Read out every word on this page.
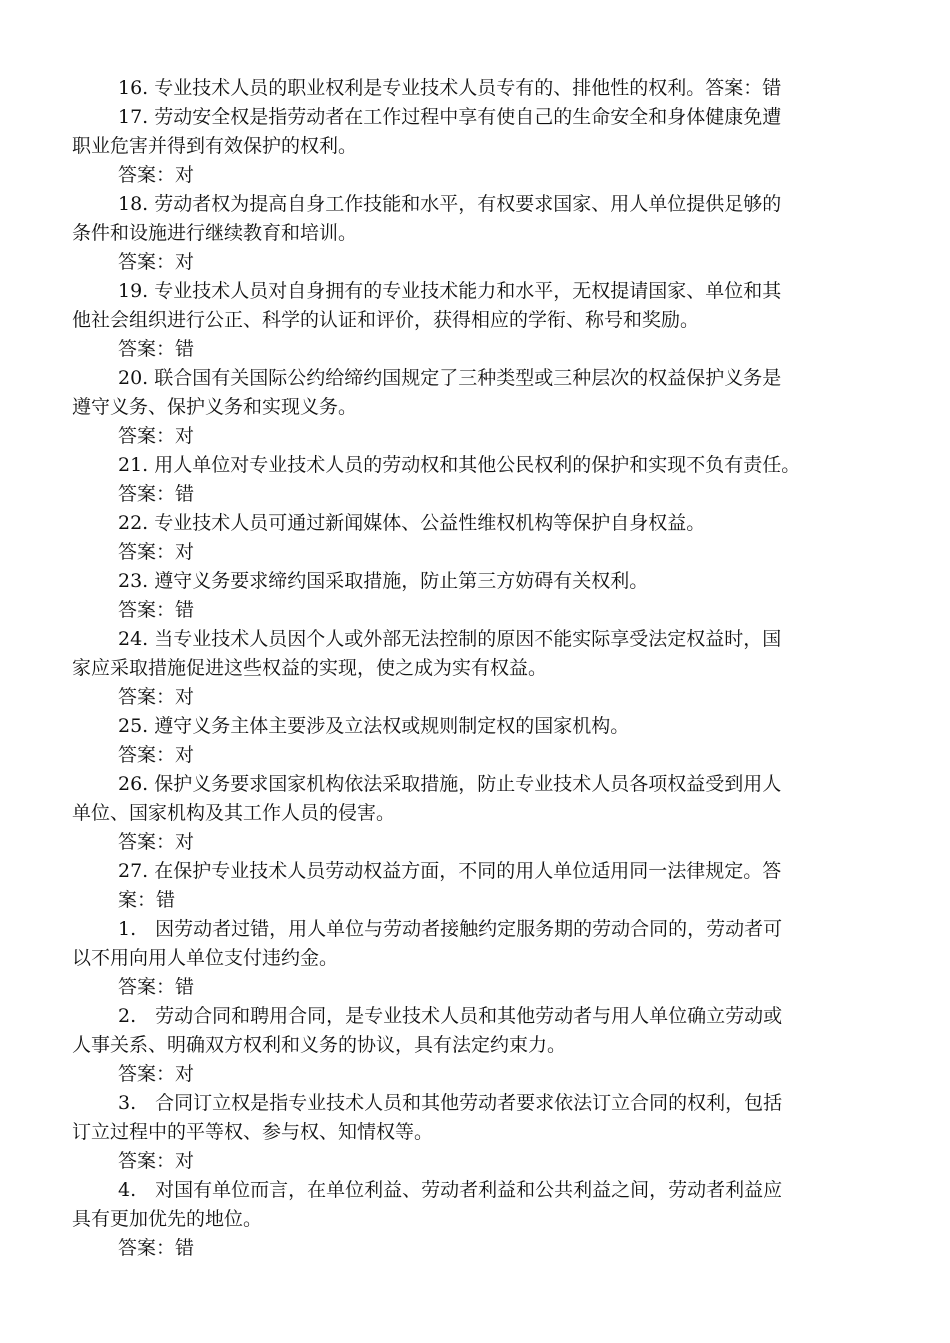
16. 专业技术人员的职业权利是专业技术人员专有的、排他性的权利。答案：错
17. 劳动安全权是指劳动者在工作过程中享有使自己的生命安全和身体健康免遭
职业危害并得到有效保护的权利。
答案：对
18. 劳动者权为提高自身工作技能和水平，有权要求国家、用人单位提供足够的
条件和设施进行继续教育和培训。
答案：对
19. 专业技术人员对自身拥有的专业技术能力和水平，无权提请国家、单位和其
他社会组织进行公正、科学的认证和评价，获得相应的学衔、称号和奖励。
答案：错
20. 联合国有关国际公约给缔约国规定了三种类型或三种层次的权益保护义务是
遵守义务、保护义务和实现义务。
答案：对
21. 用人单位对专业技术人员的劳动权和其他公民权利的保护和实现不负有责任。
答案：错
22. 专业技术人员可通过新闻媒体、公益性维权机构等保护自身权益。
答案：对
23. 遵守义务要求缔约国采取措施，防止第三方妨碍有关权利。
答案：错
24. 当专业技术人员因个人或外部无法控制的原因不能实际享受法定权益时，国
家应采取措施促进这些权益的实现，使之成为实有权益。
答案：对
25. 遵守义务主体主要涉及立法权或规则制定权的国家机构。
答案：对
26. 保护义务要求国家机构依法采取措施，防止专业技术人员各项权益受到用人
单位、国家机构及其工作人员的侵害。
答案：对
27. 在保护专业技术人员劳动权益方面，不同的用人单位适用同一法律规定。答
案：错
1.　因劳动者过错，用人单位与劳动者接触约定服务期的劳动合同的，劳动者可
以不用向用人单位支付违约金。
答案：错
2.　劳动合同和聘用合同，是专业技术人员和其他劳动者与用人单位确立劳动或
人事关系、明确双方权利和义务的协议，具有法定约束力。
答案：对
3.　合同订立权是指专业技术人员和其他劳动者要求依法订立合同的权利，包括
订立过程中的平等权、参与权、知情权等。
答案：对
4.　对国有单位而言，在单位利益、劳动者利益和公共利益之间，劳动者利益应
具有更加优先的地位。
答案：错
